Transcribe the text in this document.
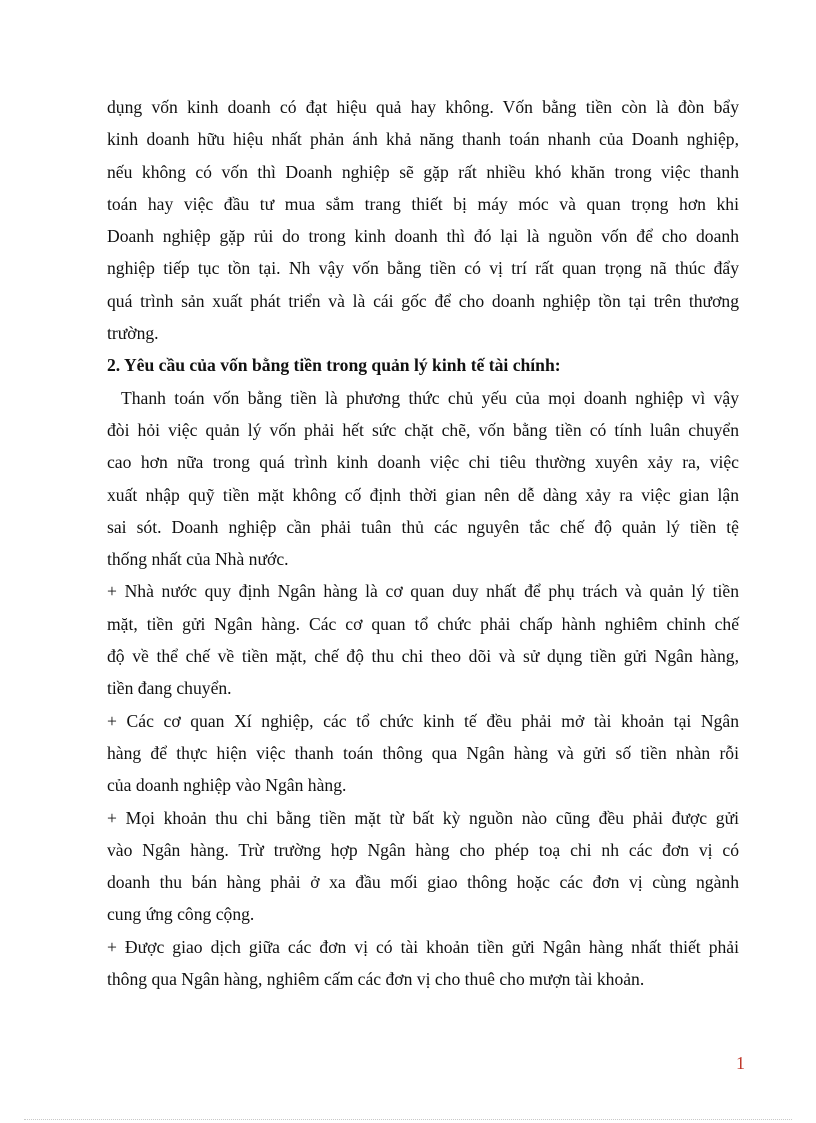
dụng vốn kinh doanh có đạt hiệu quả hay không. Vốn bằng tiền còn là đòn bẩy
kinh doanh hữu hiệu nhất phản ánh khả năng thanh toán nhanh của Doanh nghiệp,
nếu không có vốn thì Doanh nghiệp sẽ gặp rất nhiều khó khăn trong việc thanh
toán hay việc đầu tư mua sắm trang thiết bị máy móc và quan trọng hơn khi
Doanh nghiệp gặp rủi do trong kinh doanh thì đó lại là nguồn vốn để cho doanh
nghiệp tiếp tục tồn tại. Nh vậy vốn bằng tiền có vị trí rất quan trọng nã thúc đẩy
quá trình sản xuất phát triển và là cái gốc để cho doanh nghiệp tồn tại trên thương
trường.
2. Yêu cầu của vốn bằng tiền trong quản lý kinh tế tài chính:
Thanh toán vốn bằng tiền là phương thức chủ yếu của mọi doanh nghiệp vì vậy
đòi hỏi việc quản lý vốn phải hết sức chặt chẽ, vốn bằng tiền có tính luân chuyển
cao hơn nữa trong quá trình kinh doanh việc chi tiêu thường xuyên xảy ra, việc
xuất nhập quỹ tiền mặt không cố định thời gian nên dễ dàng xảy ra việc gian lận
sai sót. Doanh nghiệp cần phải tuân thủ các nguyên tắc chế độ quản lý tiền tệ
thống nhất của Nhà nước.
+ Nhà nước quy định Ngân hàng là cơ quan duy nhất để phụ trách và quản lý tiền
mặt, tiền gửi Ngân hàng. Các cơ quan tổ chức phải chấp hành nghiêm chỉnh chế
độ về thể chế về tiền mặt, chế độ thu chi theo dõi và sử dụng tiền gửi Ngân hàng,
tiền đang chuyển.
+ Các cơ quan Xí nghiệp, các tổ chức kinh tế đều phải mở tài khoản tại Ngân
hàng để thực hiện việc thanh toán thông qua Ngân hàng và gửi số tiền nhàn rỗi
của doanh nghiệp vào Ngân hàng.
+ Mọi khoản thu chi bằng tiền mặt từ bất kỳ nguồn nào cũng đều phải được gửi
vào Ngân hàng. Trừ trường hợp Ngân hàng cho phép toạ chi nh các đơn vị có
doanh thu bán hàng phải ở xa đầu mối giao thông hoặc các đơn vị cùng ngành
cung ứng công cộng.
+ Được giao dịch giữa các đơn vị có tài khoản tiền gửi Ngân hàng nhất thiết phải
thông qua Ngân hàng, nghiêm cấm các đơn vị cho thuê cho mượn tài khoản.
1
